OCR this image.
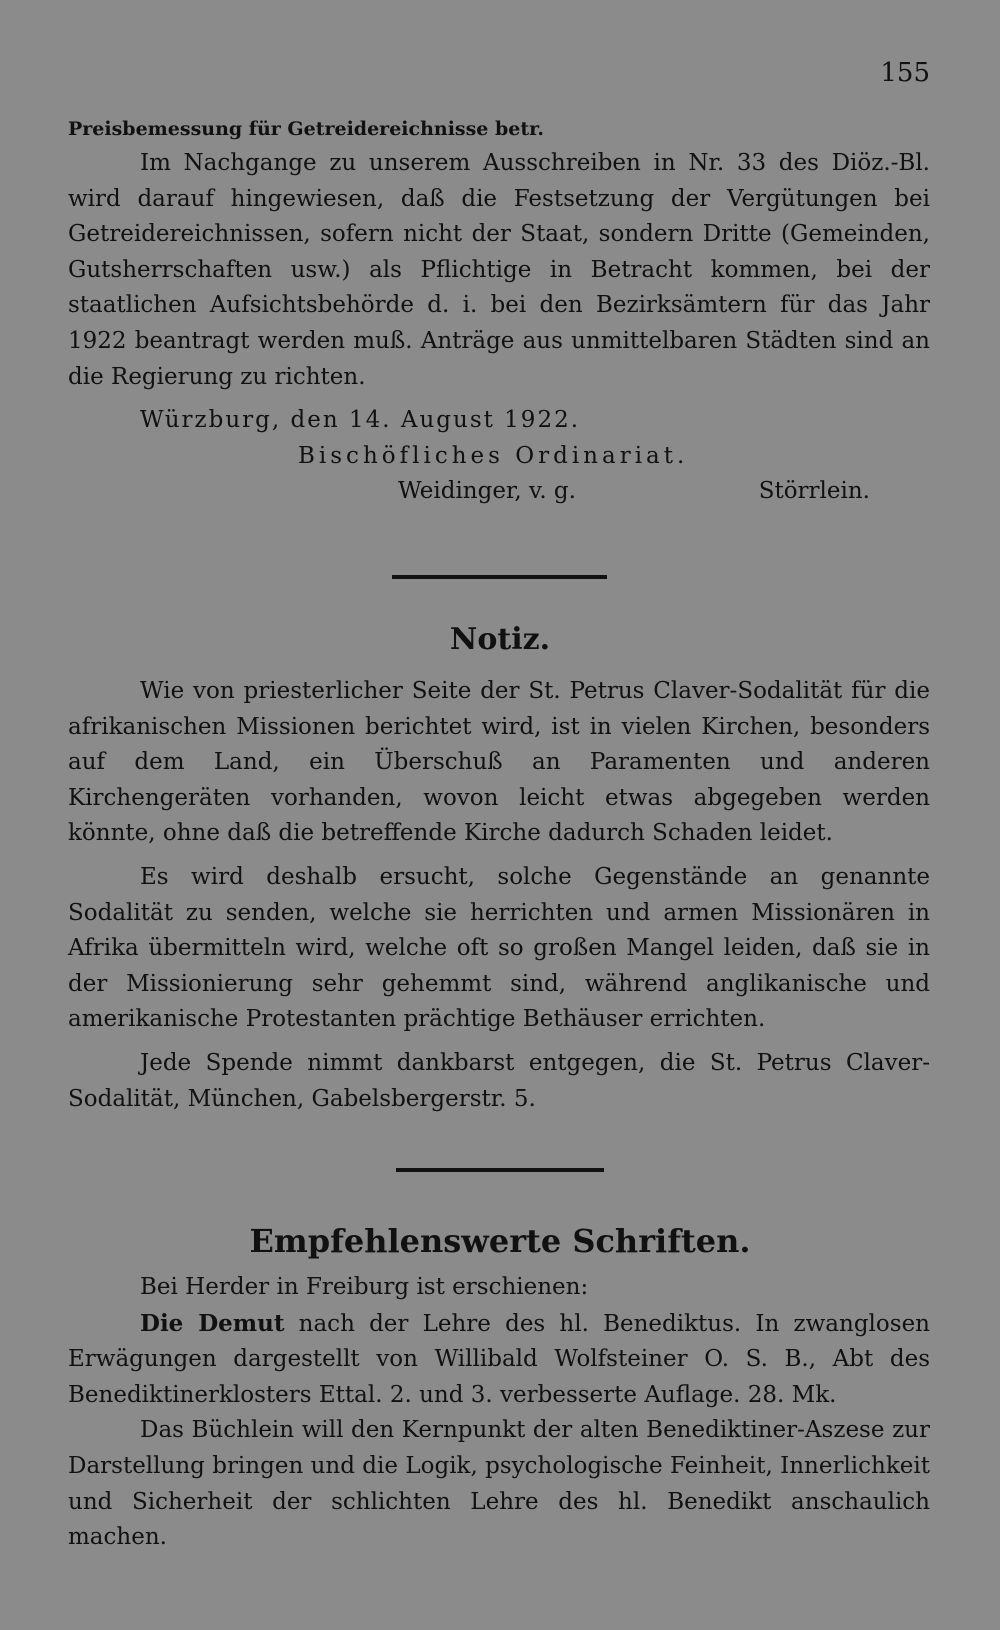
155
Preisbemessung für Getreidereichnisse betr.

Im Nachgange zu unserem Ausschreiben in Nr. 33 des Diöz.-Bl. wird darauf hingewiesen, daß die Festsetzung der Vergütungen bei Getreidereichnissen, sofern nicht der Staat, sondern Dritte (Gemeinden, Gutsherrschaften usw.) als Pflichtige in Betracht kommen, bei der staatlichen Aufsichtsbehörde d. i. bei den Bezirksämtern für das Jahr 1922 beantragt werden muß. Anträge aus unmittelbaren Städten sind an die Regierung zu richten.

Würzburg, den 14. August 1922.

Bischöfliches Ordinariat.
Weidinger, v. g.	Störrlein.
Notiz.

Wie von priesterlicher Seite der St. Petrus Claver-Sodalität für die afrikanischen Missionen berichtet wird, ist in vielen Kirchen, besonders auf dem Land, ein Überschuß an Paramenten und anderen Kirchengeräten vorhanden, wovon leicht etwas abgegeben werden könnte, ohne daß die betreffende Kirche dadurch Schaden leidet.

Es wird deshalb ersucht, solche Gegenstände an genannte Sodalität zu senden, welche sie herrichten und armen Missionären in Afrika übermitteln wird, welche oft so großen Mangel leiden, daß sie in der Missionierung sehr gehemmt sind, während anglikanische und amerikanische Protestanten prächtige Bethäuser errichten.

Jede Spende nimmt dankbarst entgegen, die St. Petrus Claver-Sodalität, München, Gabelsbergerstr. 5.

Empfehlenswerte Schriften.

Bei Herder in Freiburg ist erschienen:

Die Demut nach der Lehre des hl. Benediktus. In zwanglosen Erwägungen dargestellt von Willibald Wolfsteiner O. S. B., Abt des Benediktinerklosters Ettal. 2. und 3. verbesserte Auflage. 28. Mk.

Das Büchlein will den Kernpunkt der alten Benediktiner-Aszese zur Darstellung bringen und die Logik, psychologische Feinheit, Innerlichkeit und Sicherheit der schlichten Lehre des hl. Benedikt anschaulich machen.
